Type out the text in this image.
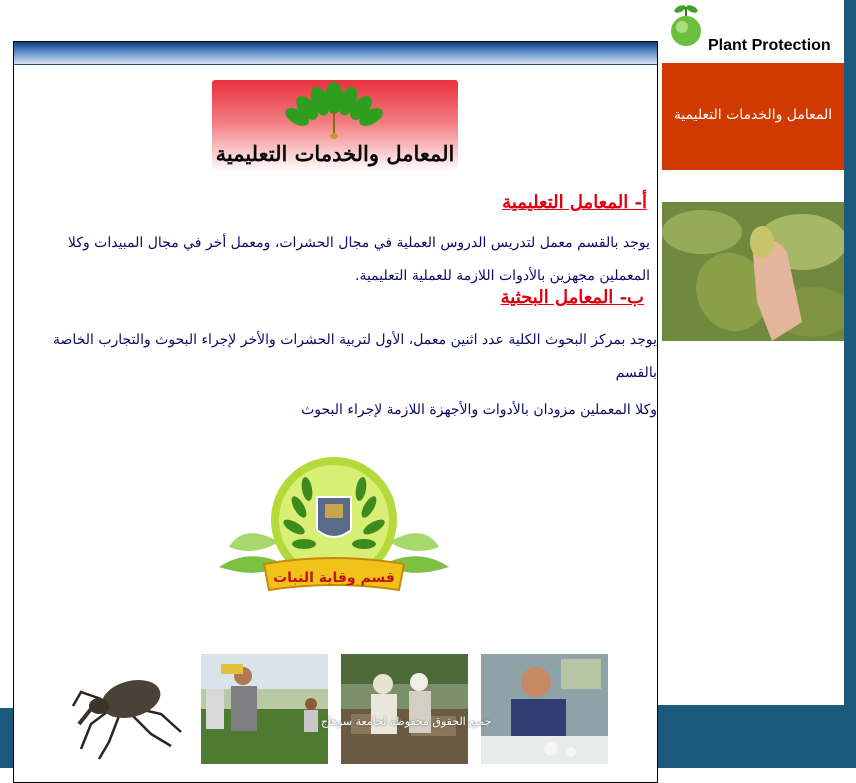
المعامل والخدمات التعليمية
أ- المعامل التعليمية
يوجد بالقسم معمل لتدريس الدروس العملية في مجال الحشرات، ومعمل أخر في مجال المبيدات وكلا المعملين مجهزين بالأدوات اللازمة للعملية التعليمية.
ب- المعامل البحثية
يوجد بمركز البحوث الكلية عدد اثنين معمل، الأول لتربية الحشرات والأخر لإجراء البحوث والتجارب الخاصة بالقسم
وكلا المعملين مزودان بالأدوات والأجهزة اللازمة لإجراء البحوث
قسم وقاية النبات
جميع الحقوق محفوظة لجامعة سوهاج
Plant Protection
المعامل والخدمات التعليمية
